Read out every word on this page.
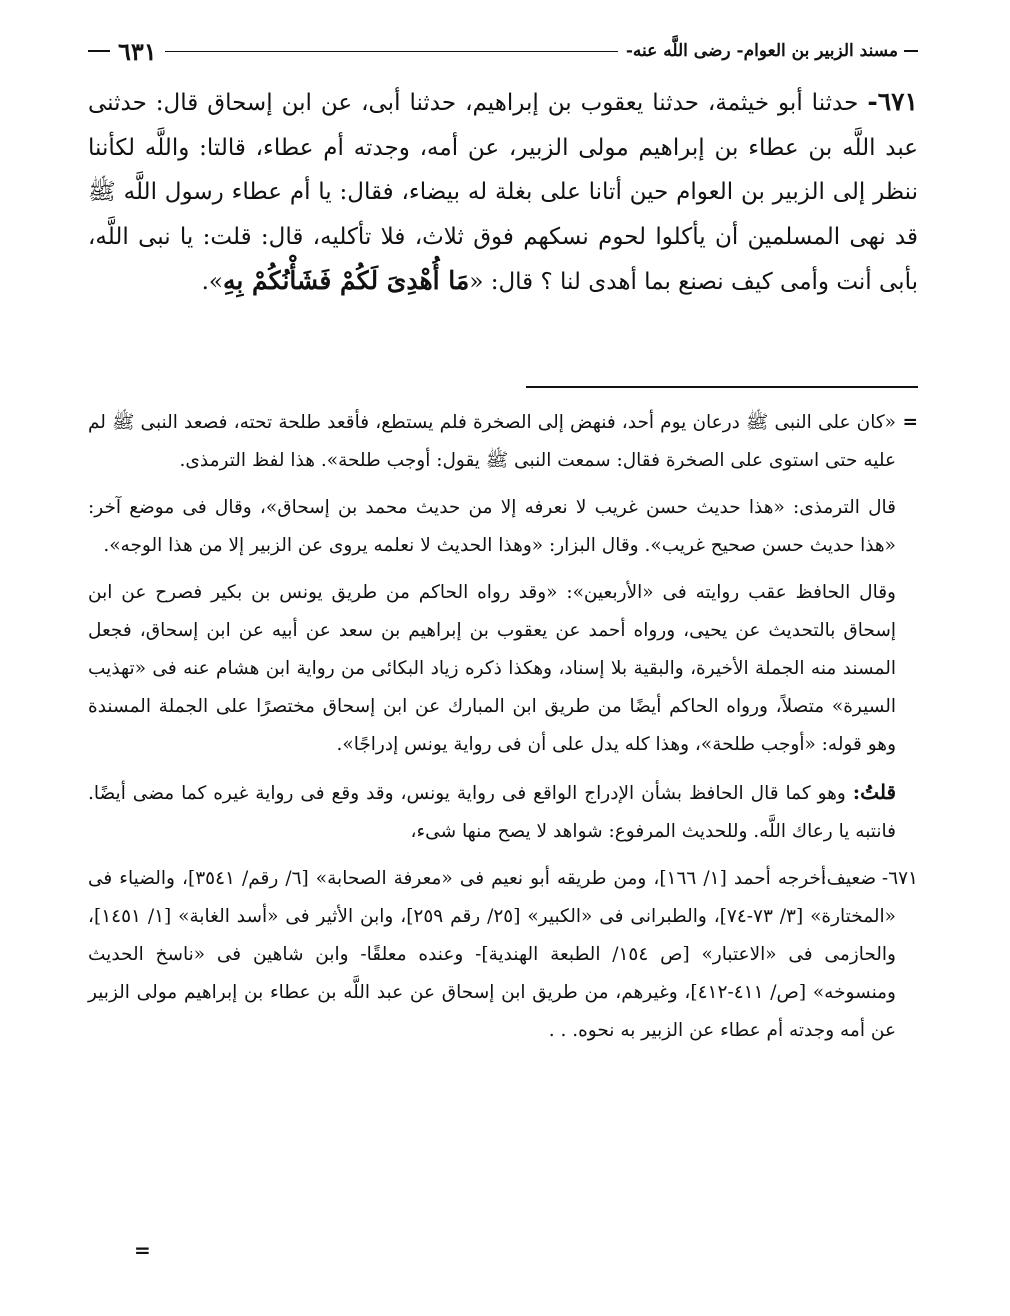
مسند الزبير بن العوام- رضى اللَّه عنه-
٦٣١
٦٧١- حدثنا أبو خيثمة، حدثنا يعقوب بن إبراهيم، حدثنا أبى، عن ابن إسحاق قال: حدثنى عبد اللَّه بن عطاء بن إبراهيم مولى الزبير، عن أمه، وجدته أم عطاء، قالتا: واللَّه لكأننا ننظر إلى الزبير بن العوام حين أتانا على بغلة له بيضاء، فقال: يا أم عطاء رسول اللَّه ﷺ قد نهى المسلمين أن يأكلوا لحوم نسكهم فوق ثلاث، فلا تأكليه، قال: قلت: يا نبى اللَّه، بأبى أنت وأمى كيف نصنع بما أهدى لنا ؟ قال: «مَا أُهْدِىَ لَكُمْ فَشَأْنُكُمْ بِهِ».

=
«كان على النبى ﷺ درعان يوم أحد، فنهض إلى الصخرة فلم يستطع، فأقعد طلحة تحته، فصعد النبى ﷺ لم عليه حتى استوى على الصخرة فقال: سمعت النبى ﷺ يقول: أوجب طلحة». هذا لفظ الترمذى.

قال الترمذى: «هذا حديث حسن غريب لا نعرفه إلا من حديث محمد بن إسحاق»، وقال فى موضع آخر: «هذا حديث حسن صحيح غريب». وقال البزار: «وهذا الحديث لا نعلمه يروى عن الزبير إلا من هذا الوجه».

وقال الحافظ عقب روايته فى «الأربعين»: «وقد رواه الحاكم من طريق يونس بن بكير فصرح عن ابن إسحاق بالتحديث عن يحيى، ورواه أحمد عن يعقوب بن إبراهيم بن سعد عن أبيه عن ابن إسحاق، فجعل المسند منه الجملة الأخيرة، والبقية بلا إسناد، وهكذا ذكره زياد البكائى من رواية ابن هشام عنه فى «تهذيب السيرة» متصلاً، ورواه الحاكم أيضًا من طريق ابن المبارك عن ابن إسحاق مختصرًا على الجملة المسندة وهو قوله: «أوجب طلحة»، وهذا كله يدل على أن فى رواية يونس إدراجًا».

قلتُ: وهو كما قال الحافظ بشأن الإدراج الواقع فى رواية يونس، وقد وقع فى رواية غيره كما مضى أيضًا. فانتبه يا رعاك اللَّه. وللحديث المرفوع: شواهد لا يصح منها شىء،

٦٧١- ضعيف:
أخرجه أحمد [١/ ١٦٦]، ومن طريقه أبو نعيم فى «معرفة الصحابة» [٦/ رقم/ ٣٥٤١]، والضياء فى «المختارة» [٣/ ٧٣-٧٤]، والطبرانى فى «الكبير» [٢٥/ رقم ٢٥٩]، وابن الأثير فى «أسد الغابة» [١/ ١٤٥١]، والحازمى فى «الاعتبار» [ص ١٥٤/ الطبعة الهندية]- وعنده معلقًا- وابن شاهين فى «ناسخ الحديث ومنسوخه» [ص/ ٤١١-٤١٢]، وغيرهم، من طريق ابن إسحاق عن عبد اللَّه بن عطاء بن إبراهيم مولى الزبير عن أمه وجدته أم عطاء عن الزبير به نحوه. . .

=
